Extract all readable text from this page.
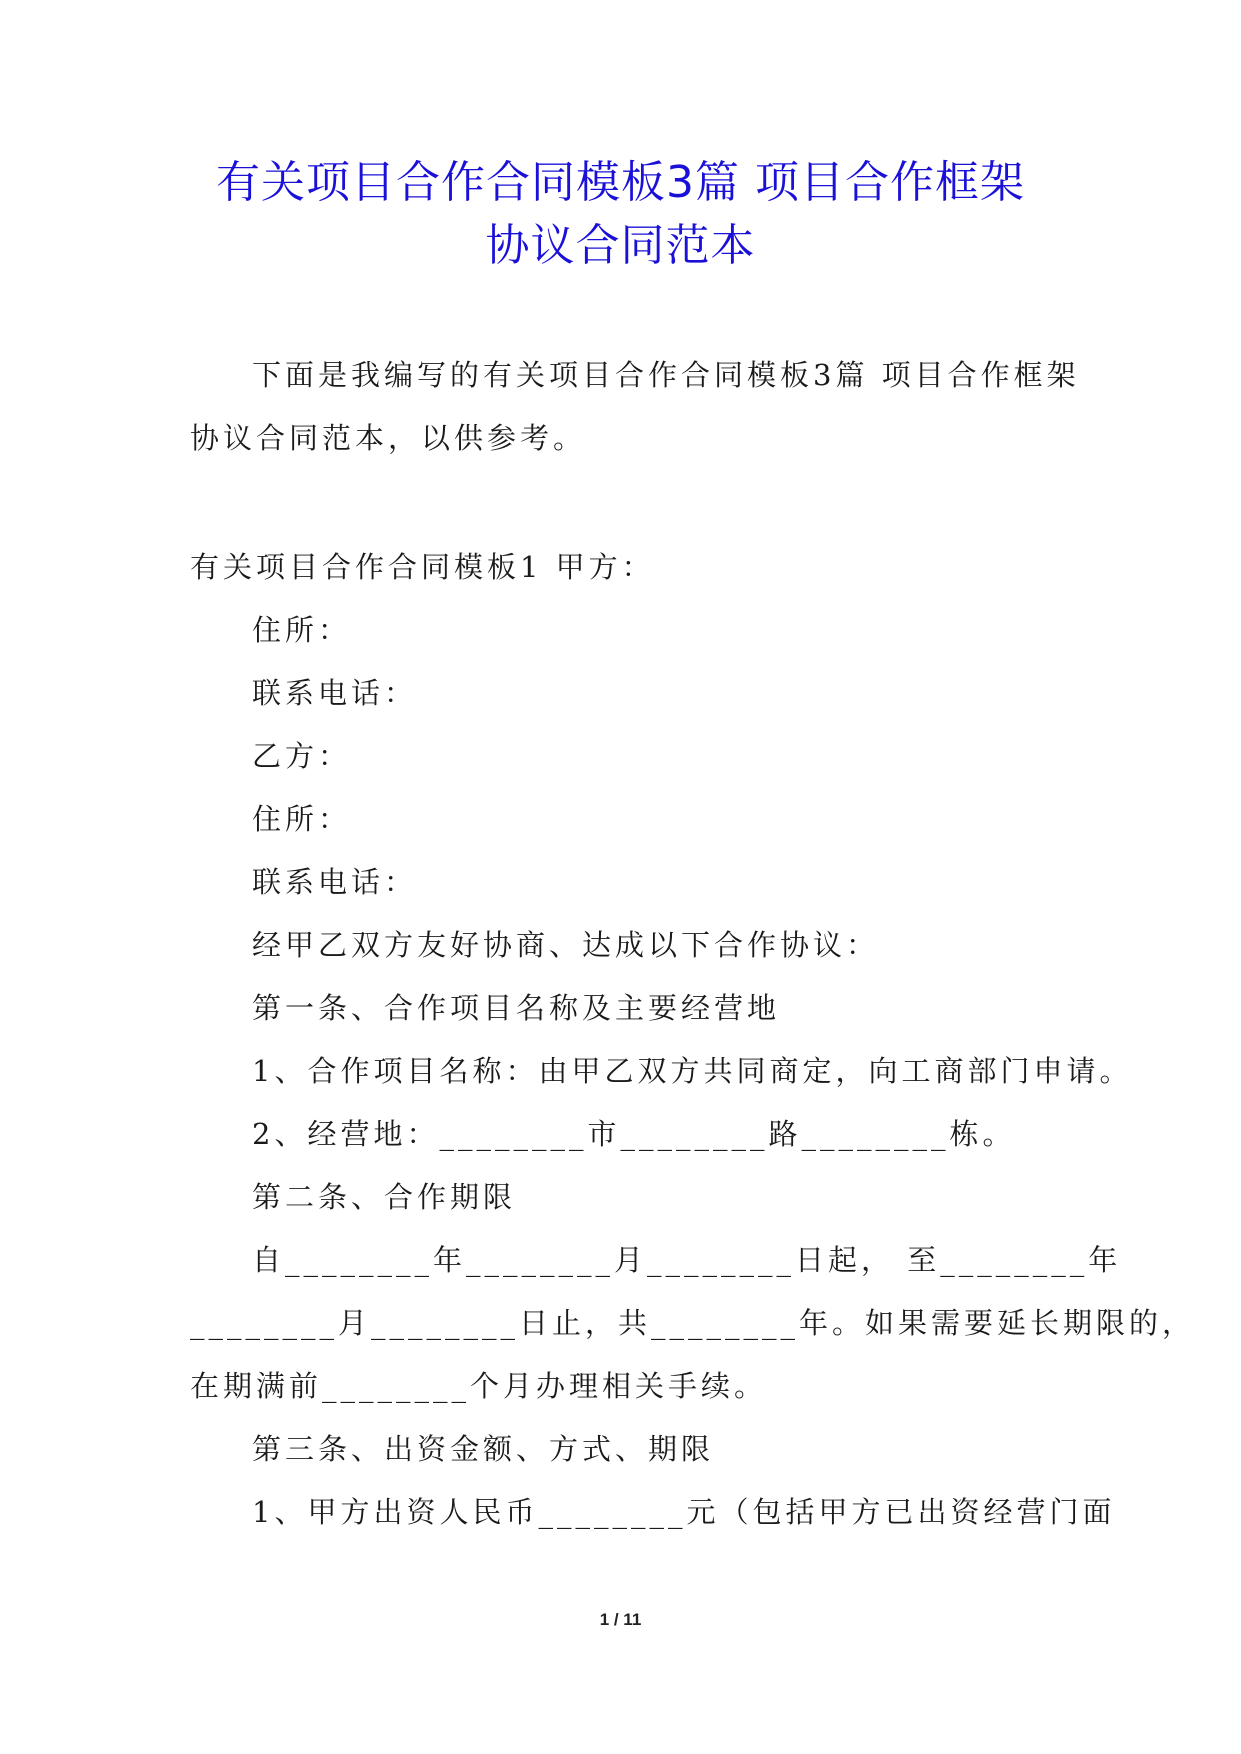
有关项目合作合同模板3篇 项目合作框架
协议合同范本
下面是我编写的有关项目合作合同模板3篇 项目合作框架
协议合同范本，以供参考。
有关项目合作合同模板1 甲方：
住所：
联系电话：
乙方：
住所：
联系电话：
经甲乙双方友好协商、达成以下合作协议：
第一条、合作项目名称及主要经营地
1、合作项目名称：由甲乙双方共同商定，向工商部门申请。
2、经营地：________市________路________栋。
第二条、合作期限
自________年________月________日起， 至________年
________月________日止，共________年。如果需要延长期限的，
在期满前________个月办理相关手续。
第三条、出资金额、方式、期限
1、甲方出资人民币________元（包括甲方已出资经营门面
1 / 11
